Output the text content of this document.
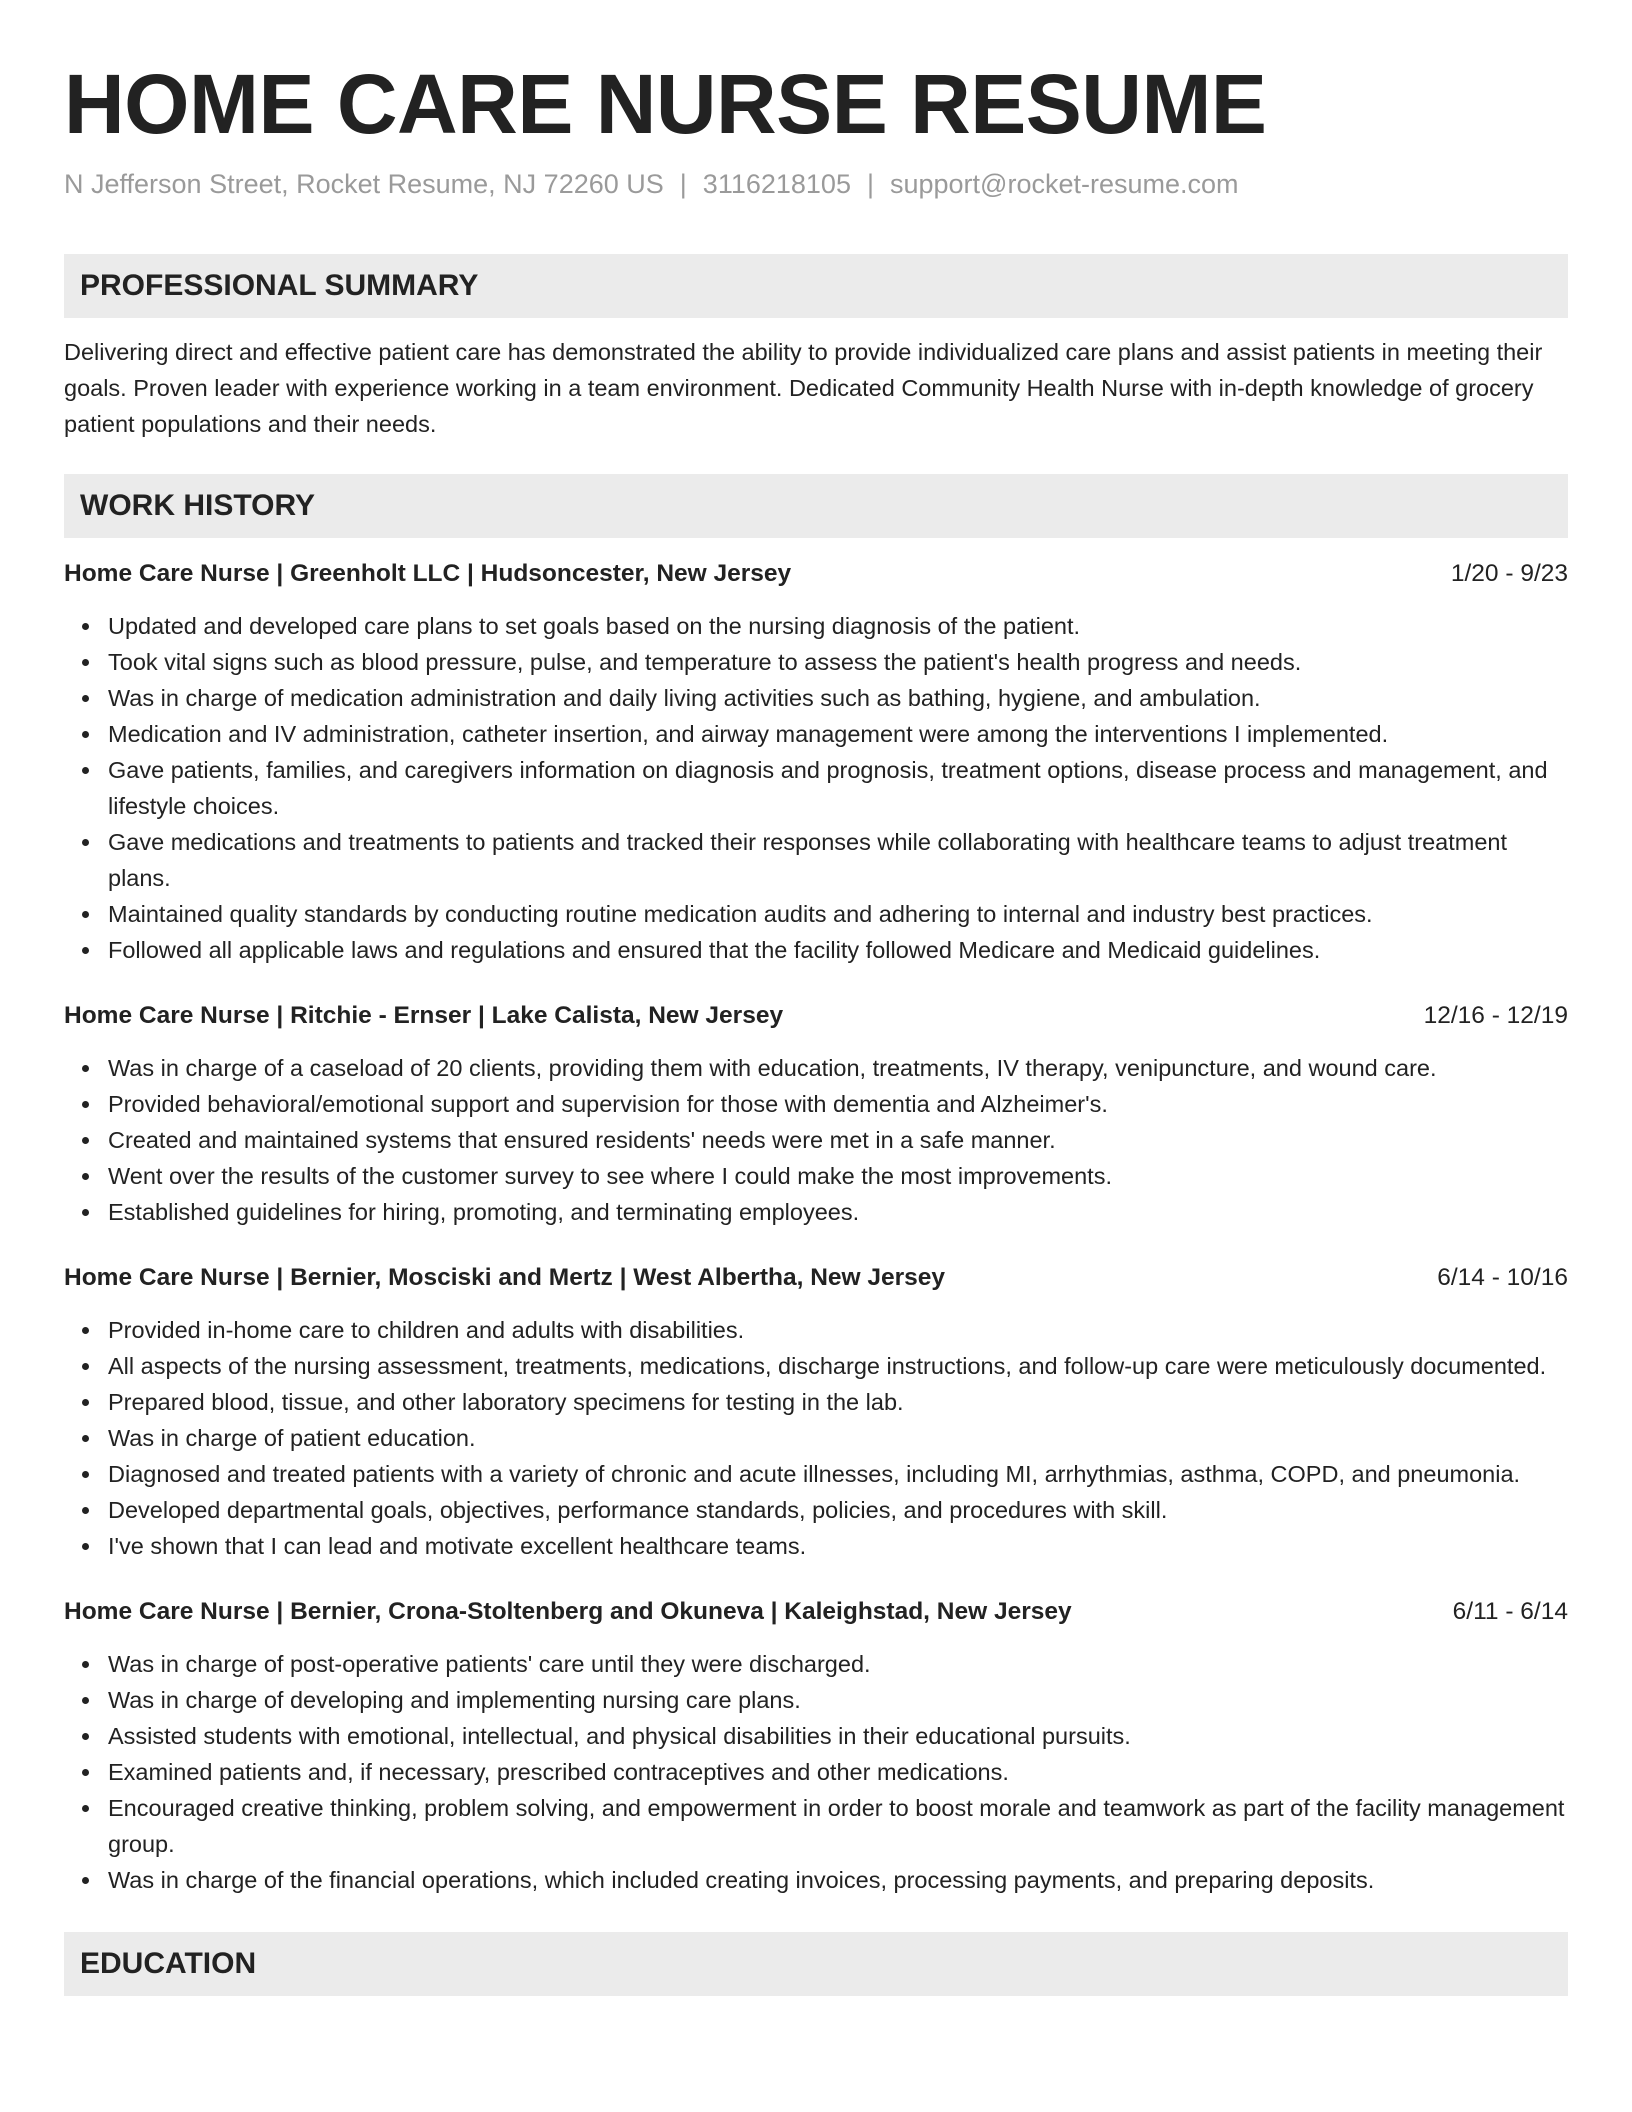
HOME CARE NURSE RESUME
N Jefferson Street, Rocket Resume, NJ 72260 US | 3116218105 | support@rocket-resume.com
PROFESSIONAL SUMMARY

Delivering direct and effective patient care has demonstrated the ability to provide individualized care plans and assist patients in meeting their goals. Proven leader with experience working in a team environment. Dedicated Community Health Nurse with in-depth knowledge of grocery patient populations and their needs.

WORK HISTORY
Home Care Nurse | Greenholt LLC | Hudsoncester, New Jersey	1/20 - 9/23
Updated and developed care plans to set goals based on the nursing diagnosis of the patient.
Took vital signs such as blood pressure, pulse, and temperature to assess the patient's health progress and needs.
Was in charge of medication administration and daily living activities such as bathing, hygiene, and ambulation.
Medication and IV administration, catheter insertion, and airway management were among the interventions I implemented.
Gave patients, families, and caregivers information on diagnosis and prognosis, treatment options, disease process and management, and lifestyle choices.
Gave medications and treatments to patients and tracked their responses while collaborating with healthcare teams to adjust treatment plans.
Maintained quality standards by conducting routine medication audits and adhering to internal and industry best practices.
Followed all applicable laws and regulations and ensured that the facility followed Medicare and Medicaid guidelines.
Home Care Nurse | Ritchie - Ernser | Lake Calista, New Jersey	12/16 - 12/19
Was in charge of a caseload of 20 clients, providing them with education, treatments, IV therapy, venipuncture, and wound care.
Provided behavioral/emotional support and supervision for those with dementia and Alzheimer's.
Created and maintained systems that ensured residents' needs were met in a safe manner.
Went over the results of the customer survey to see where I could make the most improvements.
Established guidelines for hiring, promoting, and terminating employees.
Home Care Nurse | Bernier, Mosciski and Mertz | West Albertha, New Jersey	6/14 - 10/16
Provided in-home care to children and adults with disabilities.
All aspects of the nursing assessment, treatments, medications, discharge instructions, and follow-up care were meticulously documented.
Prepared blood, tissue, and other laboratory specimens for testing in the lab.
Was in charge of patient education.
Diagnosed and treated patients with a variety of chronic and acute illnesses, including MI, arrhythmias, asthma, COPD, and pneumonia.
Developed departmental goals, objectives, performance standards, policies, and procedures with skill.
I've shown that I can lead and motivate excellent healthcare teams.
Home Care Nurse | Bernier, Crona-Stoltenberg and Okuneva | Kaleighstad, New Jersey	6/11 - 6/14
Was in charge of post-operative patients' care until they were discharged.
Was in charge of developing and implementing nursing care plans.
Assisted students with emotional, intellectual, and physical disabilities in their educational pursuits.
Examined patients and, if necessary, prescribed contraceptives and other medications.
Encouraged creative thinking, problem solving, and empowerment in order to boost morale and teamwork as part of the facility management group.
Was in charge of the financial operations, which included creating invoices, processing payments, and preparing deposits.
EDUCATION
